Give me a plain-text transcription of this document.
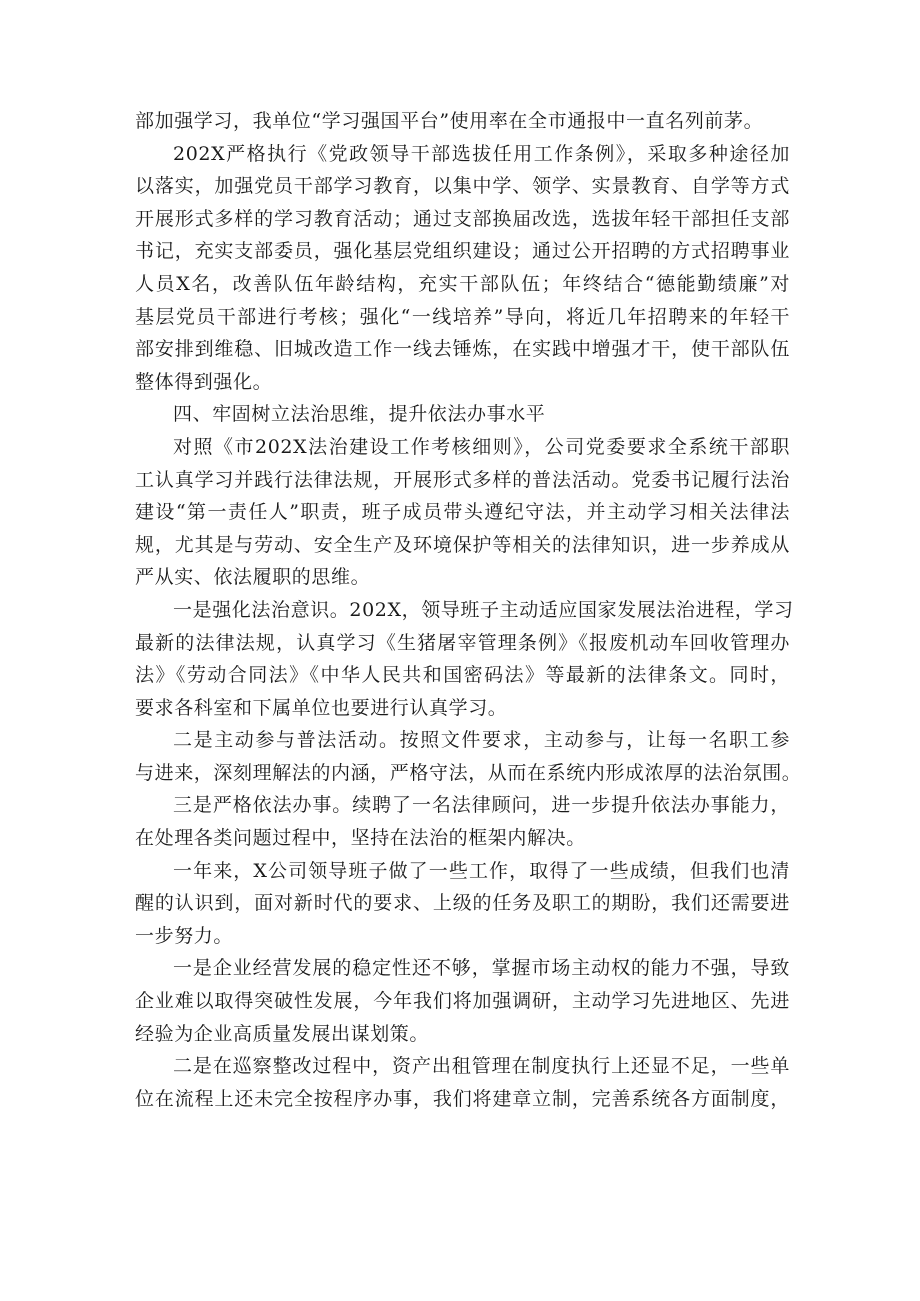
部加强学习，我单位“学习强国平台”使用率在全市通报中一直名列前茅。
202X严格执行《党政领导干部选拔任用工作条例》，采取多种途径加
以落实，加强党员干部学习教育，以集中学、领学、实景教育、自学等方式
开展形式多样的学习教育活动；通过支部换届改选，选拔年轻干部担任支部
书记，充实支部委员，强化基层党组织建设；通过公开招聘的方式招聘事业
人员X名，改善队伍年龄结构，充实干部队伍；年终结合“德能勤绩廉”对
基层党员干部进行考核；强化“一线培养”导向，将近几年招聘来的年轻干
部安排到维稳、旧城改造工作一线去锤炼，在实践中增强才干，使干部队伍
整体得到强化。
四、牢固树立法治思维，提升依法办事水平
对照《市202X法治建设工作考核细则》，公司党委要求全系统干部职
工认真学习并践行法律法规，开展形式多样的普法活动。党委书记履行法治
建设“第一责任人”职责，班子成员带头遵纪守法，并主动学习相关法律法
规，尤其是与劳动、安全生产及环境保护等相关的法律知识，进一步养成从
严从实、依法履职的思维。
一是强化法治意识。202X，领导班子主动适应国家发展法治进程，学习
最新的法律法规，认真学习《生猪屠宰管理条例》《报废机动车回收管理办
法》《劳动合同法》《中华人民共和国密码法》等最新的法律条文。同时，
要求各科室和下属单位也要进行认真学习。
二是主动参与普法活动。按照文件要求，主动参与，让每一名职工参
与进来，深刻理解法的内涵，严格守法，从而在系统内形成浓厚的法治氛围。
三是严格依法办事。续聘了一名法律顾问，进一步提升依法办事能力，
在处理各类问题过程中，坚持在法治的框架内解决。
一年来，X公司领导班子做了一些工作，取得了一些成绩，但我们也清
醒的认识到，面对新时代的要求、上级的任务及职工的期盼，我们还需要进
一步努力。
一是企业经营发展的稳定性还不够，掌握市场主动权的能力不强，导致
企业难以取得突破性发展，今年我们将加强调研，主动学习先进地区、先进
经验为企业高质量发展出谋划策。
二是在巡察整改过程中，资产出租管理在制度执行上还显不足，一些单
位在流程上还未完全按程序办事，我们将建章立制，完善系统各方面制度，
